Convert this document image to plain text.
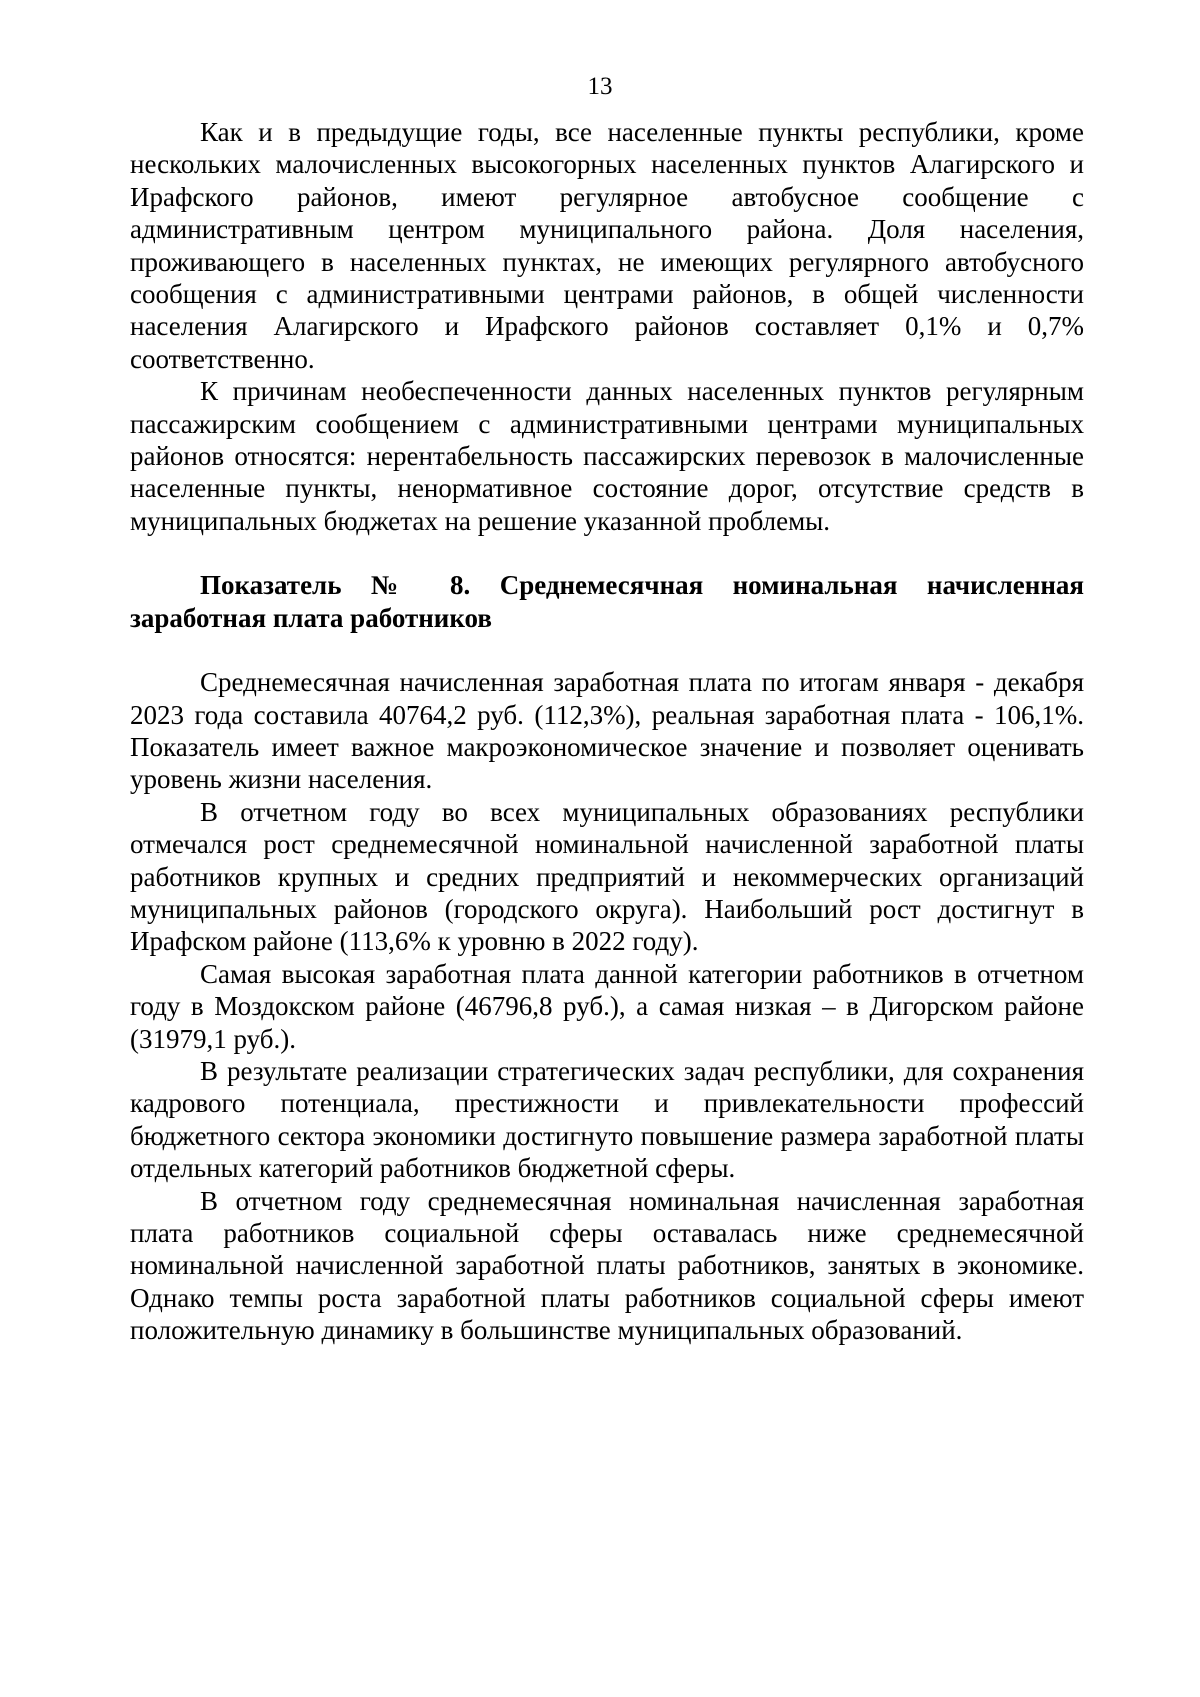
13

Как и в предыдущие годы, все населенные пункты республики, кроме нескольких малочисленных высокогорных населенных пунктов Алагирского и Ирафского районов, имеют регулярное автобусное сообщение с административным центром муниципального района. Доля населения, проживающего в населенных пунктах, не имеющих регулярного автобусного сообщения с административными центрами районов, в общей численности населения Алагирского и Ирафского районов составляет 0,1% и 0,7% соответственно.

К причинам необеспеченности данных населенных пунктов регулярным пассажирским сообщением с административными центрами муниципальных районов относятся: нерентабельность пассажирских перевозок в малочисленные населенные пункты, ненормативное состояние дорог, отсутствие средств в муниципальных бюджетах на решение указанной проблемы.

Показатель № 8. Среднемесячная номинальная начисленная заработная плата работников

Среднемесячная начисленная заработная плата по итогам января - декабря 2023 года составила 40764,2 руб. (112,3%), реальная заработная плата - 106,1%. Показатель имеет важное макроэкономическое значение и позволяет оценивать уровень жизни населения.

В отчетном году во всех муниципальных образованиях республики отмечался рост среднемесячной номинальной начисленной заработной платы работников крупных и средних предприятий и некоммерческих организаций муниципальных районов (городского округа). Наибольший рост достигнут в Ирафском районе (113,6% к уровню в 2022 году).

Самая высокая заработная плата данной категории работников в отчетном году в Моздокском районе (46796,8 руб.), а самая низкая – в Дигорском районе (31979,1 руб.).

В результате реализации стратегических задач республики, для сохранения кадрового потенциала, престижности и привлекательности профессий бюджетного сектора экономики достигнуто повышение размера заработной платы отдельных категорий работников бюджетной сферы.

В отчетном году среднемесячная номинальная начисленная заработная плата работников социальной сферы оставалась ниже среднемесячной номинальной начисленной заработной платы работников, занятых в экономике. Однако темпы роста заработной платы работников социальной сферы имеют положительную динамику в большинстве муниципальных образований.
